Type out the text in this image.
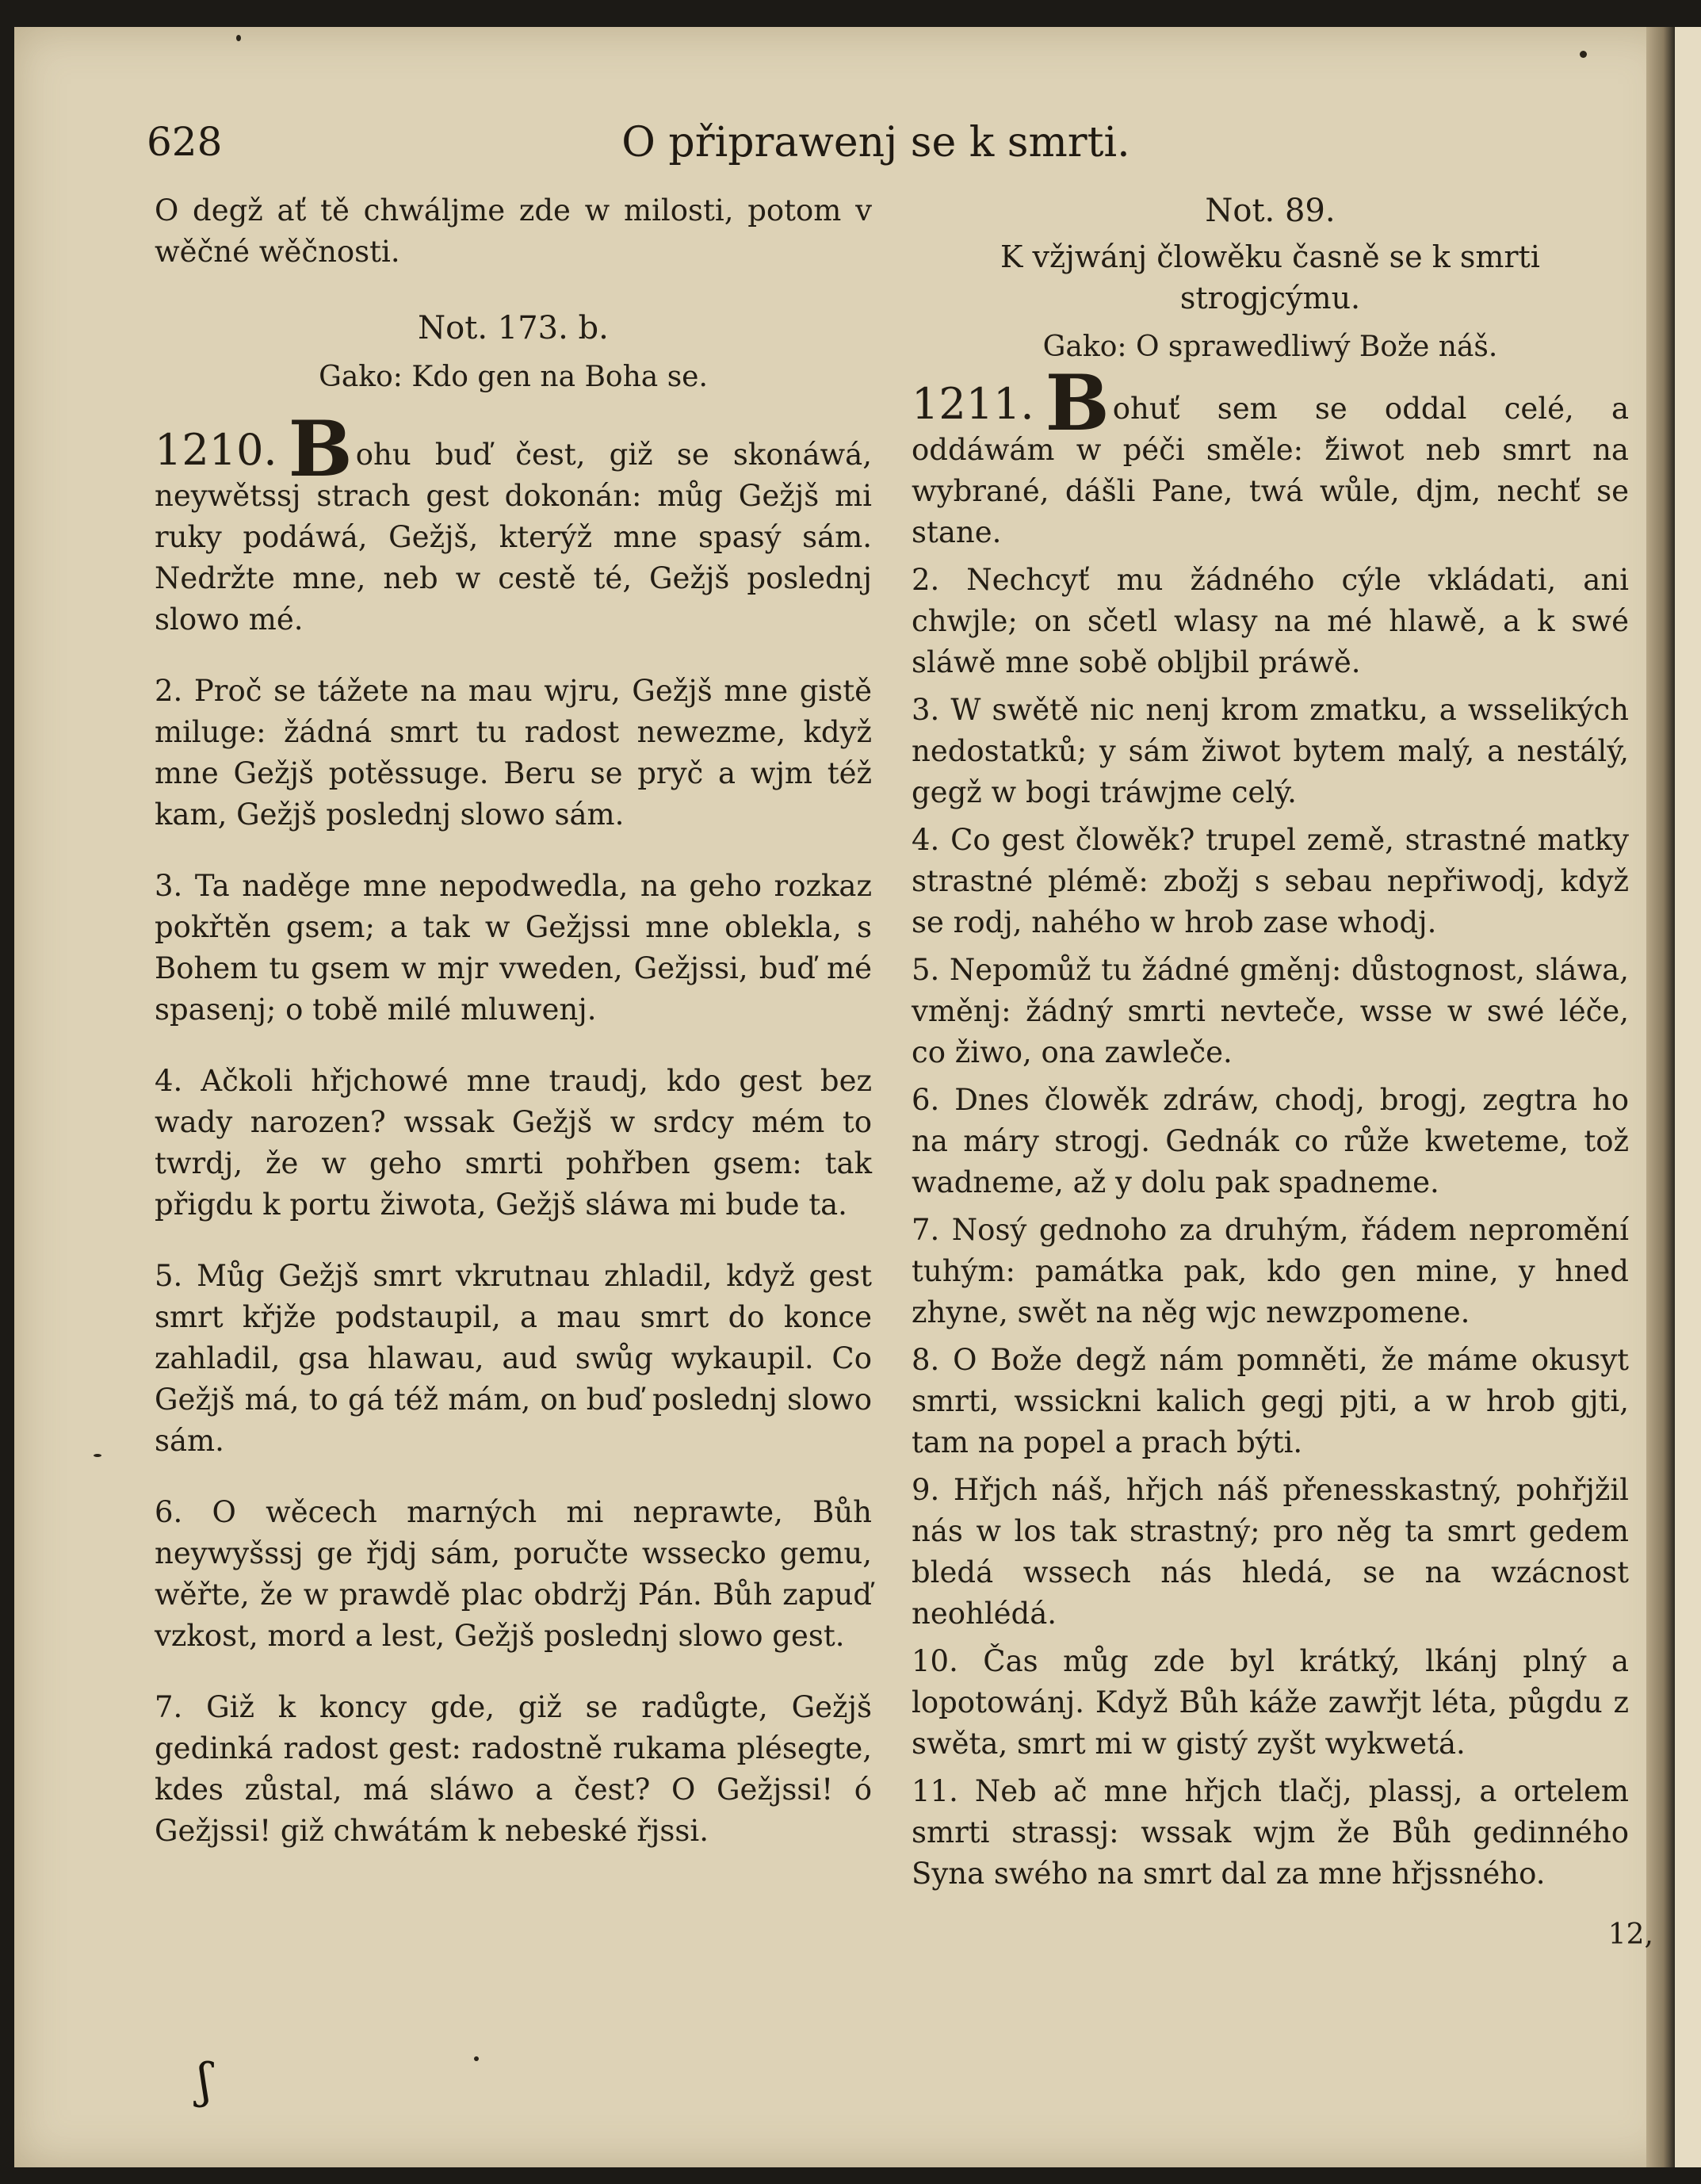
628	O připrawenj se k smrti.

O degž ať tě chwáljme zde w milosti, potom v wěčné wěčnosti.

Not. 173. b.
Gako: Kdo gen na Boha se.

1210. B ohu buď čest, giž se skonáwá, neywětssj strach gest dokonán: můg Gežjš mi ruky podáwá, Gežjš, kterýž mne spasý sám. Nedržte mne, neb w cestě té, Gežjš poslednj slowo mé.

2. Proč se tážete na mau wjru, Gežjš mne gistě miluge: žádná smrt tu radost newezme, když mne Gežjš potěssuge. Beru se pryč a wjm též kam, Gežjš poslednj slowo sám.

3. Ta naděge mne nepodwedla, na geho rozkaz pokřtěn gsem; a tak w Gežjssi mne oblekla, s Bohem tu gsem w mjr vweden, Gežjssi, buď mé spasenj; o tobě milé mluwenj.

4. Ačkoli hřjchowé mne traudj, kdo gest bez wady narozen? wssak Gežjš w srdcy mém to twrdj, že w geho smrti pohřben gsem: tak přigdu k portu žiwota, Gežjš sláwa mi bude ta.

5. Můg Gežjš smrt vkrutnau zhladil, když gest smrt křjže podstaupil, a mau smrt do konce zahladil, gsa hlawau, aud swůg wykaupil. Co Gežjš má, to gá též mám, on buď poslednj slowo sám.

6. O wěcech marných mi neprawte, Bůh neywyšssj ge řjdj sám, poručte wssecko gemu, wěřte, že w prawdě plac obdržj Pán. Bůh zapuď vzkost, mord a lest, Gežjš poslednj slowo gest.

7. Giž k koncy gde, giž se radůgte, Gežjš gedinká radost gest: radostně rukama plésegte, kdes zůstal, má sláwo a čest? O Gežjssi! ó Gežjssi! giž chwátám k nebeské řjssi.

Not. 89.
K vžjwánj člowěku časně se k smrti strogjcýmu.
Gako: O sprawedliwý Bože náš.

1211. B ohuť sem se oddal celé, a oddáwám w péči směle: žiwot neb smrt na wybrané, dášli Pane, twá wůle, djm, nechť se stane.

2. Nechcyť mu žádného cýle vkládati, ani chwjle; on sčetl wlasy na mé hlawě, a k swé sláwě mne sobě obljbil práwě.

3. W swětě nic nenj krom zmatku, a wsselikých nedostatků; y sám žiwot bytem malý, a nestálý, gegž w bogi tráwjme celý.

4. Co gest člowěk? trupel země, strastné matky strastné plémě: zbožj s sebau nepřiwodj, když se rodj, nahého w hrob zase whodj.

5. Nepomůž tu žádné gměnj: důstognost, sláwa, vměnj: žádný smrti nevteče, wsse w swé léče, co žiwo, ona zawleče.

6. Dnes člowěk zdráw, chodj, brogj, zegtra ho na máry strogj. Gednák co růže kweteme, tož wadneme, až y dolu pak spadneme.

7. Nosý gednoho za druhým, řádem nepromění tuhým: památka pak, kdo gen mine, y hned zhyne, swět na něg wjc newzpomene.

8. O Bože degž nám pomněti, že máme okusyt smrti, wssickni kalich gegj pjti, a w hrob gjti, tam na popel a prach býti.

9. Hřjch náš, hřjch náš přenesskastný, pohřjžil nás w los tak strastný; pro něg ta smrt gedem bledá wssech nás hledá, se na wzácnost neohlédá.

10. Čas můg zde byl krátký, lkánj plný a lopotowánj. Když Bůh káže zawřjt léta, půgdu z swěta, smrt mi w gistý zyšt wykwetá.

11. Neb ač mne hřjch tlačj, plassj, a ortelem smrti strassj: wssak wjm že Bůh gedinného Syna swého na smrt dal za mne hřjssného.

12,
ʃ
